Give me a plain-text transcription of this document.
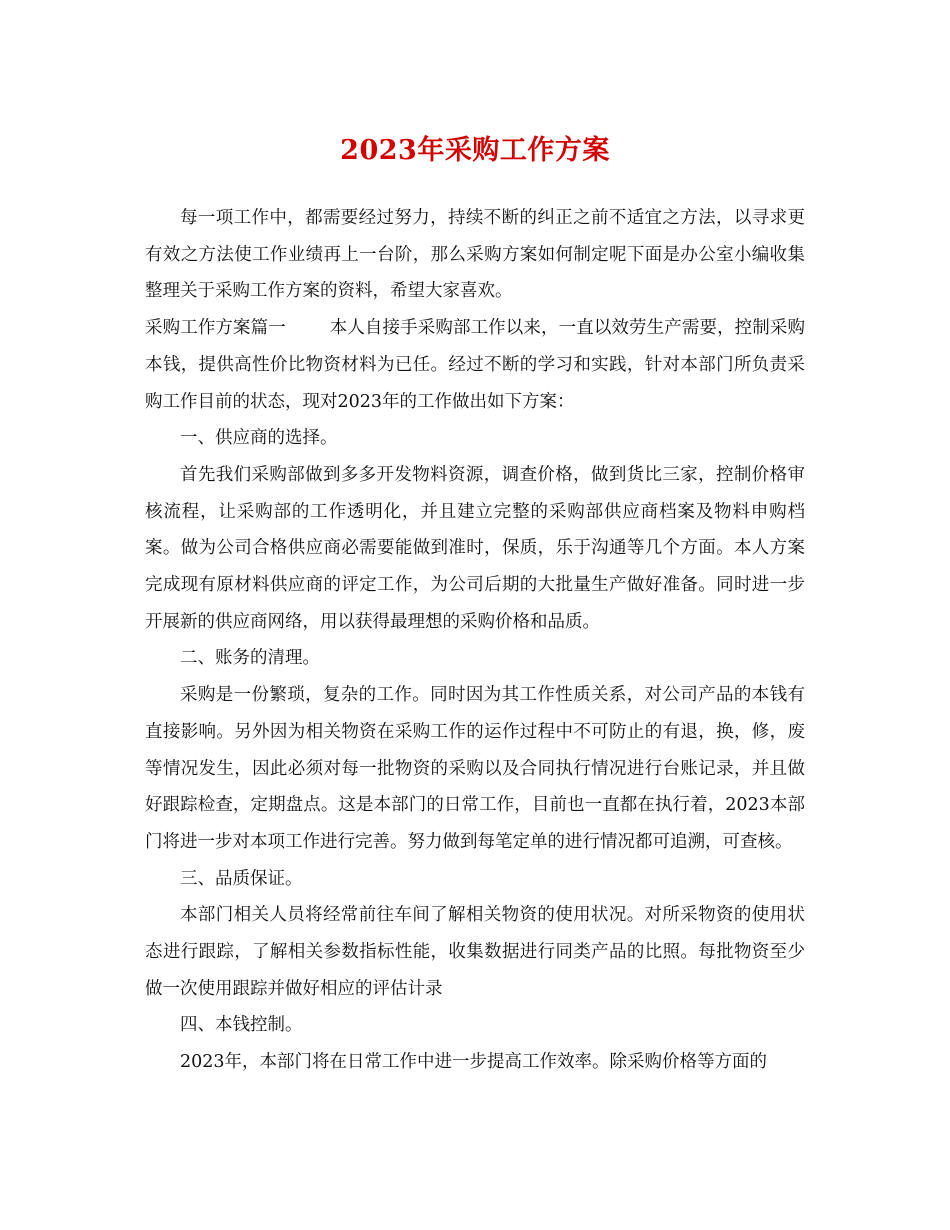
2023年采购工作方案

每一项工作中，都需要经过努力，持续不断的纠正之前不适宜之方法，以寻求更有效之方法使工作业绩再上一台阶，那么采购方案如何制定呢下面是办公室小编收集整理关于采购工作方案的资料，希望大家喜欢。

采购工作方案篇一	本人自接手采购部工作以来，一直以效劳生产需要，控制采购本钱，提供高性价比物资材料为已任。经过不断的学习和实践，针对本部门所负责采购工作目前的状态，现对2023年的工作做出如下方案：

一、供应商的选择。

首先我们采购部做到多多开发物料资源，调查价格，做到货比三家，控制价格审核流程，让采购部的工作透明化，并且建立完整的采购部供应商档案及物料申购档案。做为公司合格供应商必需要能做到准时，保质，乐于沟通等几个方面。本人方案完成现有原材料供应商的评定工作，为公司后期的大批量生产做好准备。同时进一步开展新的供应商网络，用以获得最理想的采购价格和品质。

二、账务的清理。

采购是一份繁琐，复杂的工作。同时因为其工作性质关系，对公司产品的本钱有直接影响。另外因为相关物资在采购工作的运作过程中不可防止的有退，换，修，废等情况发生，因此必须对每一批物资的采购以及合同执行情况进行台账记录，并且做好跟踪检查，定期盘点。这是本部门的日常工作，目前也一直都在执行着，2023本部门将进一步对本项工作进行完善。努力做到每笔定单的进行情况都可追溯，可查核。

三、品质保证。

本部门相关人员将经常前往车间了解相关物资的使用状况。对所采物资的使用状态进行跟踪，了解相关参数指标性能，收集数据进行同类产品的比照。每批物资至少做一次使用跟踪并做好相应的评估计录

四、本钱控制。

2023年，本部门将在日常工作中进一步提高工作效率。除采购价格等方面的
